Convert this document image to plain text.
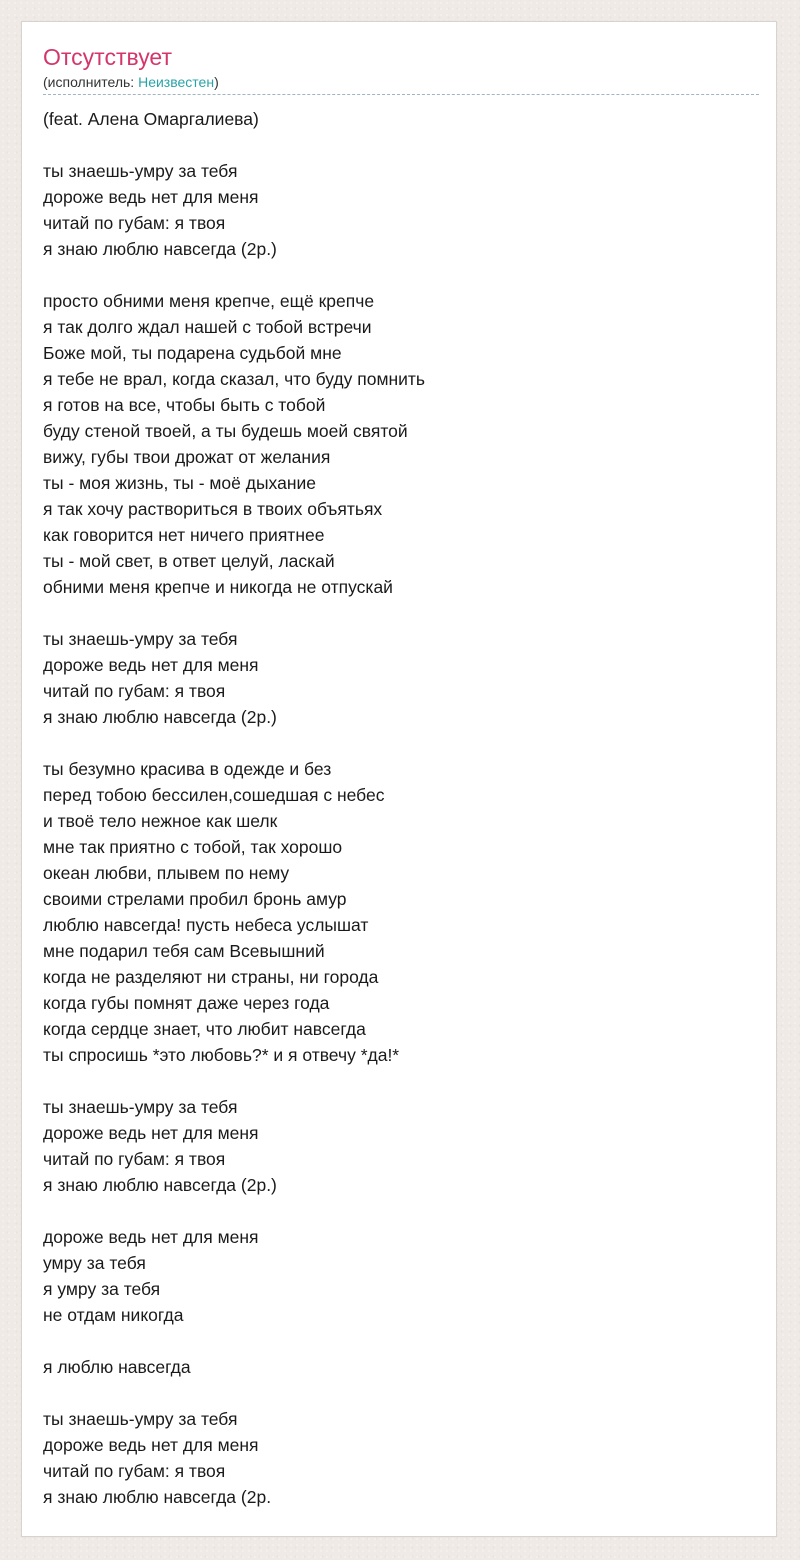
Отсутствует
(исполнитель: Неизвестен)
(feat. Алена Омаргалиева)
ты знаешь-умру за тебя
дороже ведь нет для меня
читай по губам: я твоя
я знаю люблю навсегда (2р.)
просто обними меня крепче, ещё крепче
я так долго ждал нашей с тобой встречи
Боже мой, ты подарена судьбой мне
я тебе не врал, когда сказал, что буду помнить
я готов на все, чтобы быть с тобой
буду стеной твоей, а ты будешь моей святой
вижу, губы твои дрожат от желания
ты - моя жизнь, ты - моё дыхание
я так хочу раствориться в твоих объятьях
как говорится нет ничего приятнее
ты - мой свет, в ответ целуй, ласкай
обними меня крепче и никогда не отпускай
ты знаешь-умру за тебя
дороже ведь нет для меня
читай по губам: я твоя
я знаю люблю навсегда (2р.)
ты безумно красива в одежде и без
перед тобою бессилен,сошедшая с небес
и твоё тело нежное как шелк
мне так приятно с тобой, так хорошо
океан любви, плывем по нему
своими стрелами пробил бронь амур
люблю навсегда! пусть небеса услышат
мне подарил тебя сам Всевышний
когда не разделяют ни страны, ни города
когда губы помнят даже через года
когда сердце знает, что любит навсегда
ты спросишь *это любовь?* и я отвечу *да!*
ты знаешь-умру за тебя
дороже ведь нет для меня
читай по губам: я твоя
я знаю люблю навсегда (2р.)
дороже ведь нет для меня
умру за тебя
я умру за тебя
не отдам никогда
я люблю навсегда
ты знаешь-умру за тебя
дороже ведь нет для меня
читай по губам: я твоя
я знаю люблю навсегда (2р.
